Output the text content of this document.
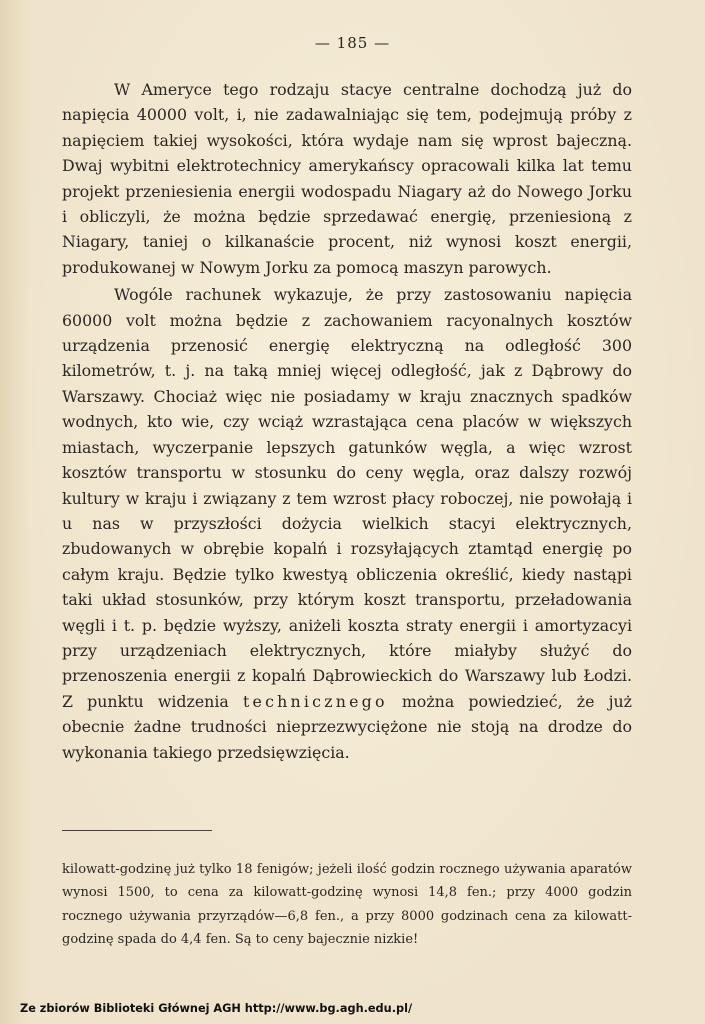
— 185 —

W Ameryce tego rodzaju stacye centralne dochodzą już do napięcia 40000 volt, i, nie zadawalniając się tem, podejmują próby z napięciem takiej wysokości, która wydaje nam się wprost bajeczną. Dwaj wybitni elektrotechnicy amerykańscy opracowali kilka lat temu projekt przeniesienia energii wodospadu Niagary aż do Nowego Jorku i obliczyli, że można będzie sprzedawać energię, przeniesioną z Niagary, taniej o kilkanaście procent, niż wynosi koszt energii, produkowanej w Nowym Jorku za pomocą maszyn parowych.

Wogóle rachunek wykazuje, że przy zastosowaniu napięcia 60000 volt można będzie z zachowaniem racyonalnych kosztów urządzenia przenosić energię elektryczną na odległość 300 kilometrów, t. j. na taką mniej więcej odległość, jak z Dąbrowy do Warszawy. Chociaż więc nie posiadamy w kraju znacznych spadków wodnych, kto wie, czy wciąż wzrastająca cena placów w większych miastach, wyczerpanie lepszych gatunków węgla, a więc wzrost kosztów transportu w stosunku do ceny węgla, oraz dalszy rozwój kultury w kraju i związany z tem wzrost płacy roboczej, nie powołają i u nas w przyszłości dożycia wielkich stacyi elektrycznych, zbudowanych w obrębie kopalń i rozsyłających ztamtąd energię po całym kraju. Będzie tylko kwestyą obliczenia określić, kiedy nastąpi taki układ stosunków, przy którym koszt transportu, przeładowania węgli i t. p. będzie wyższy, aniżeli koszta straty energii i amortyzacyi przy urządzeniach elektrycznych, które miałyby służyć do przenoszenia energii z kopalń Dąbrowieckich do Warszawy lub Łodzi. Z punktu widzenia technicznego można powiedzieć, że już obecnie żadne trudności nieprzezwyciężone nie stoją na drodze do wykonania takiego przedsięwzięcia.

kilowatt-godzinę już tylko 18 fenigów; jeżeli ilość godzin rocznego używania aparatów wynosi 1500, to cena za kilowatt-godzinę wynosi 14,8 fen.; przy 4000 godzin rocznego używania przyrządów—6,8 fen., a przy 8000 godzinach cena za kilowatt-godzinę spada do 4,4 fen. Są to ceny bajecznie nizkie!

Ze zbiorów Biblioteki Głównej AGH http://www.bg.agh.edu.pl/
